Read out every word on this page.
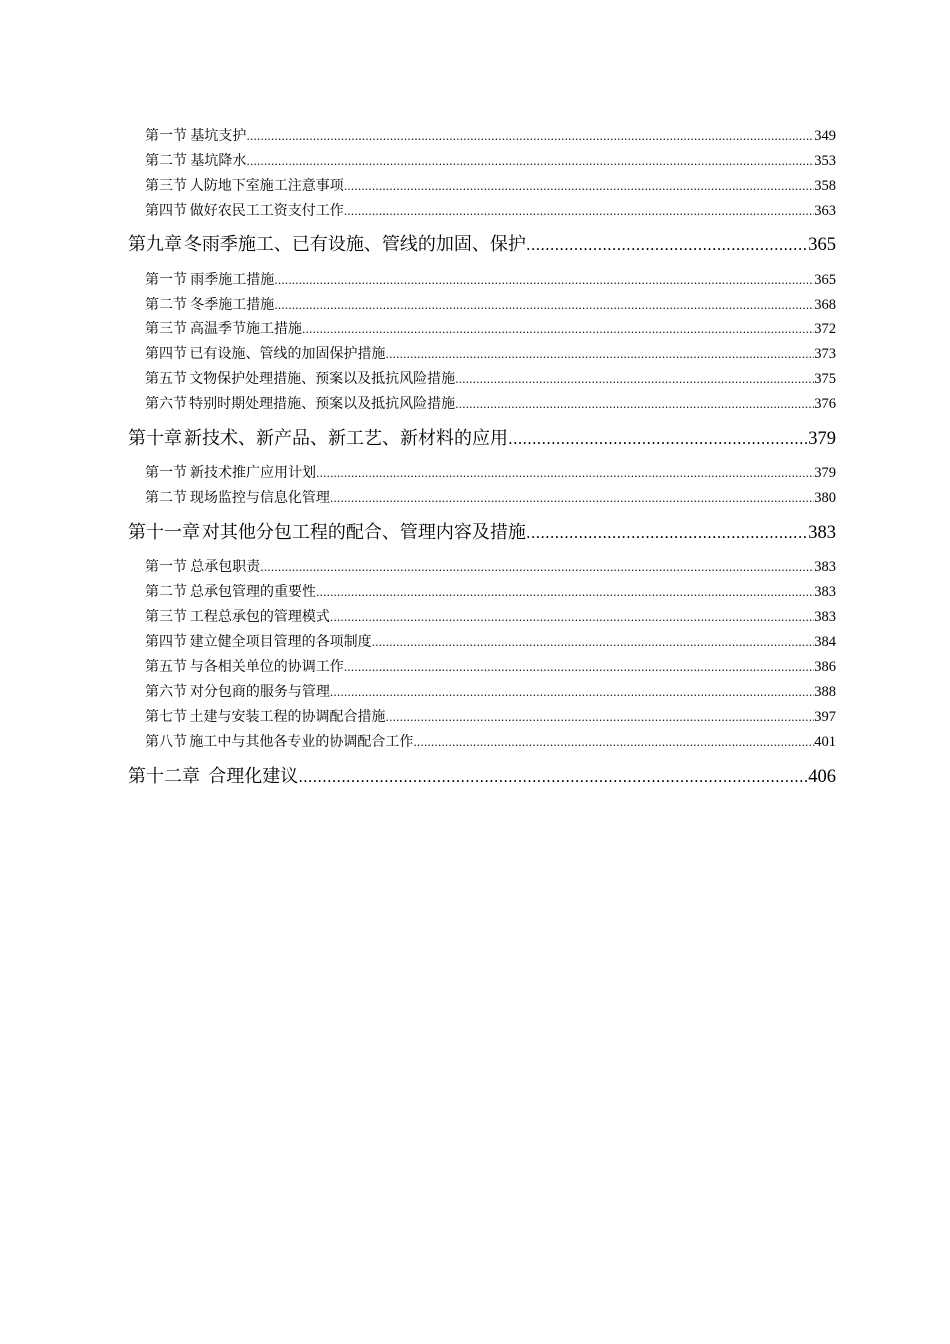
第一节 基坑支护 .....	349
第二节 基坑降水 .....	353
第三节 人防地下室施工注意事项 .....	358
第四节 做好农民工工资支付工作 .....	363
第九章 冬雨季施工、已有设施、管线的加固、保护 .....	365
第一节 雨季施工措施 .....	365
第二节 冬季施工措施 .....	368
第三节 高温季节施工措施 .....	372
第四节 已有设施、管线的加固保护措施 .....	373
第五节 文物保护处理措施、预案以及抵抗风险措施 .....	375
第六节 特别时期处理措施、预案以及抵抗风险措施 .....	376
第十章 新技术、新产品、新工艺、新材料的应用 .....	379
第一节 新技术推广应用计划 .....	379
第二节 现场监控与信息化管理 .....	380
第十一章 对其他分包工程的配合、管理内容及措施 .....	383
第一节 总承包职责 .....	383
第二节 总承包管理的重要性 .....	383
第三节 工程总承包的管理模式 .....	383
第四节 建立健全项目管理的各项制度 .....	384
第五节 与各相关单位的协调工作 .....	386
第六节 对分包商的服务与管理 .....	388
第七节 土建与安装工程的协调配合措施 .....	397
第八节 施工中与其他各专业的协调配合工作 .....	401
第十二章 合理化建议 .....	406
